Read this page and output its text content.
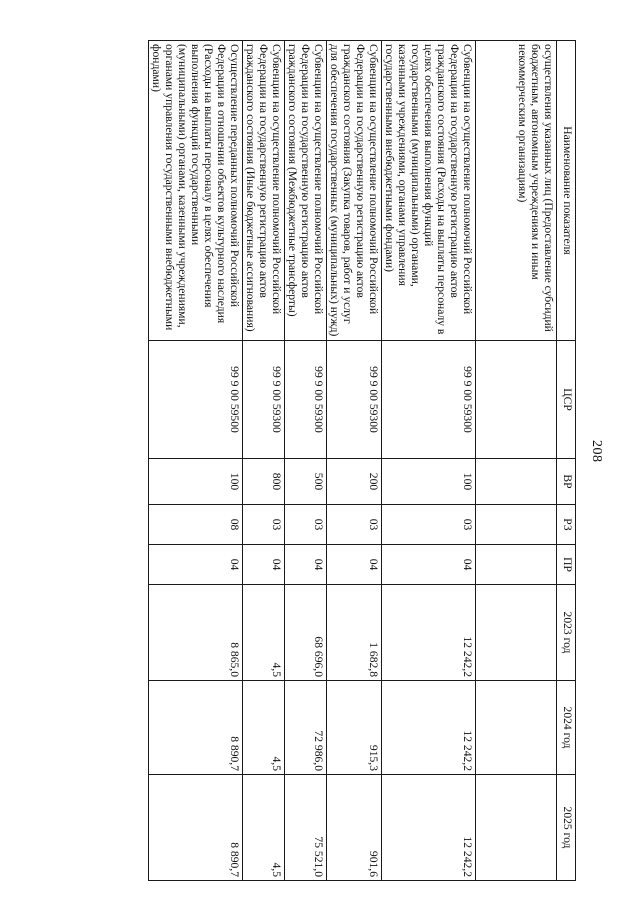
208
Наименование показателя	ЦСР	ВР	РЗ	ПР	2023 год	2024 год	2025 год
осуществления указанных лиц (Предоставление субсидий бюджетным, автономным учреждениям и иным некоммерческим организациям)							
Субвенции на осуществление полномочий Российской Федерации на государственную регистрацию актов гражданского состояния (Расходы на выплаты персоналу в целях обеспечения выполнения функций государственными (муниципальными) органами, казенными учреждениями, органами управления государственными внебюджетными фондами)	99 9 00 59300	100	03	04	12 242,2	12 242,2	12 242,2
Субвенции на осуществление полномочий Российской Федерации на государственную регистрацию актов гражданского состояния (Закупка товаров, работ и услуг для обеспечения государственных (муниципальных) нужд)	99 9 00 59300	200	03	04	1 682,8	915,3	901,6
Субвенции на осуществление полномочий Российской Федерации на государственную регистрацию актов гражданского состояния (Межбюджетные трансферты)	99 9 00 59300	500	03	04	68 696,0	72 986,0	75 521,0
Субвенции на осуществление полномочий Российской Федерации на государственную регистрацию актов гражданского состояния (Иные бюджетные ассигнования)	99 9 00 59300	800	03	04	4,5	4,5	4,5
Осуществление переданных полномочий Российской Федерации в отношении объектов культурного наследия (Расходы на выплаты персоналу в целях обеспечения выполнения функций государственными (муниципальными) органами, казенными учреждениями, органами управления государственными внебюджетными фондами)	99 9 00 59500	100	08	04	8 865,0	8 890,7	8 890,7
